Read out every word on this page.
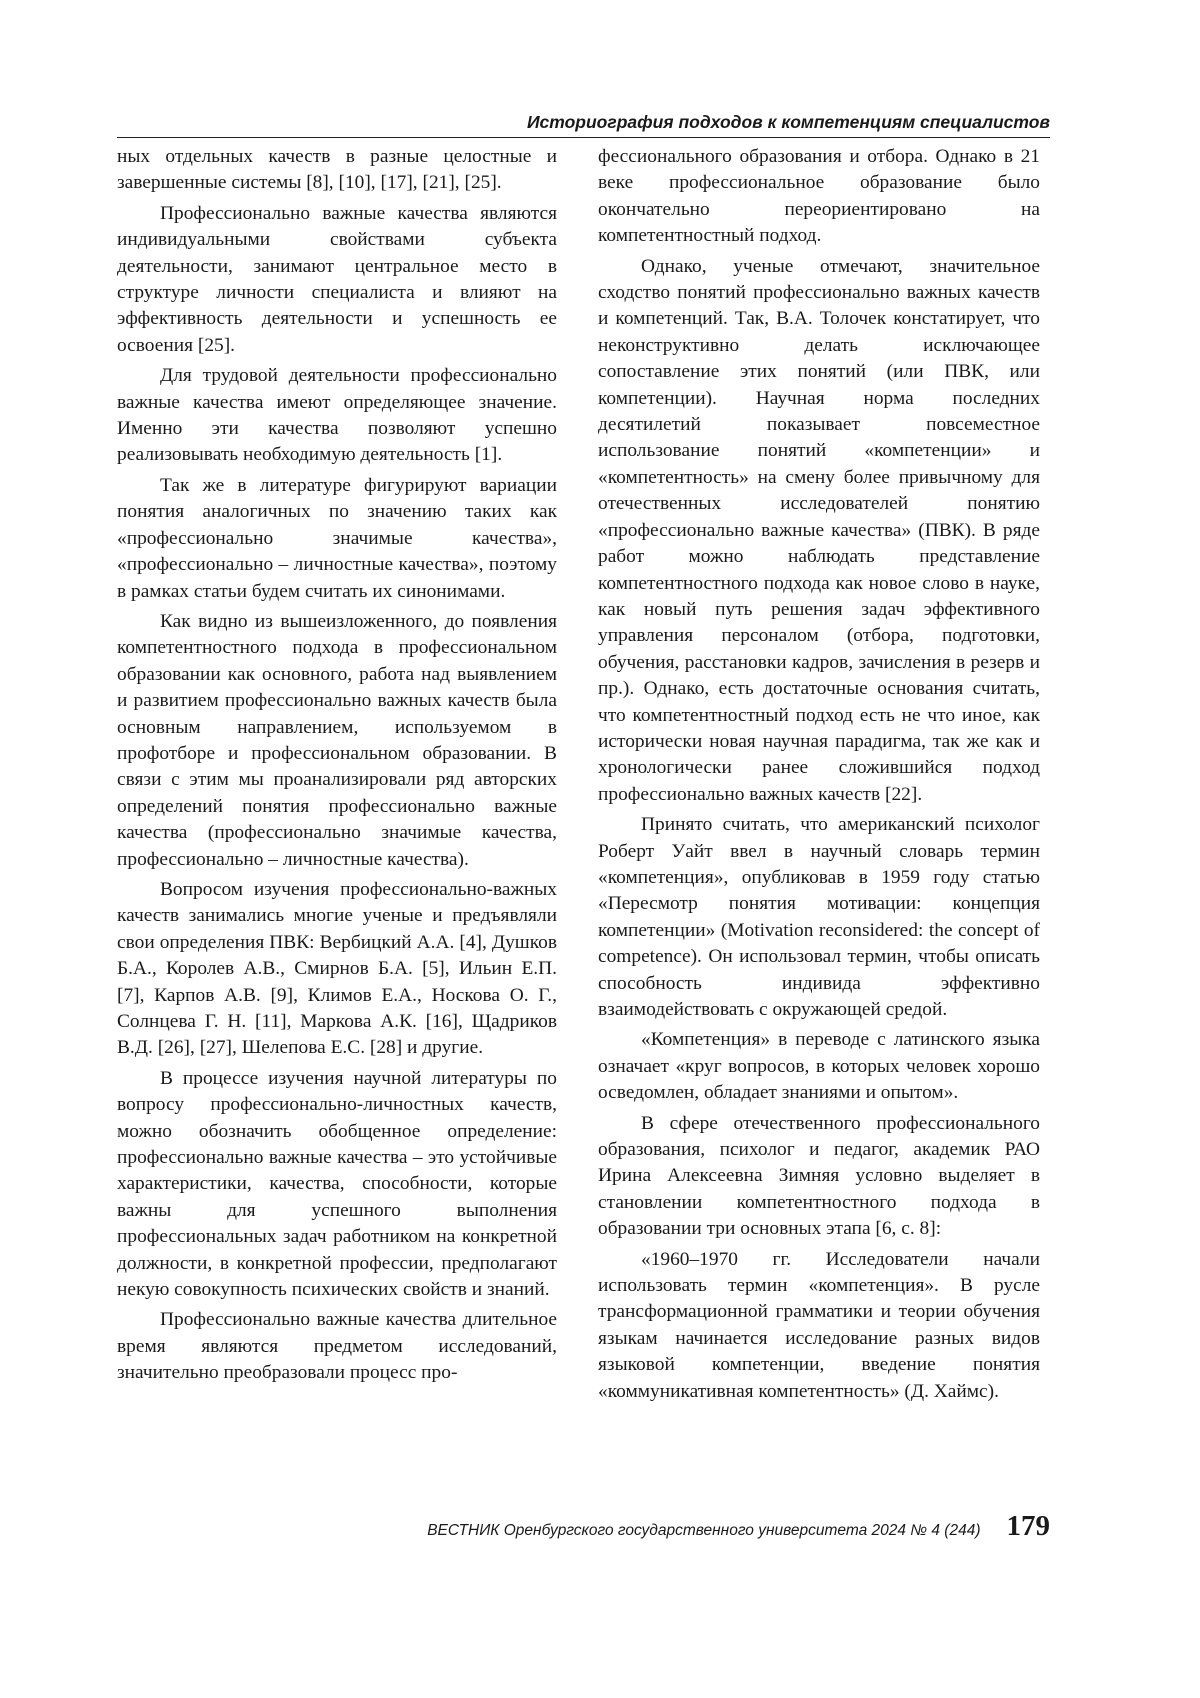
Историография подходов к компетенциям специалистов

ных отдельных качеств в разные целостные и завершенные системы [8], [10], [17], [21], [25].

Профессионально важные качества являются индивидуальными свойствами субъекта деятельности, занимают центральное место в структуре личности специалиста и влияют на эффективность деятельности и успешность ее освоения [25].

Для трудовой деятельности профессионально важные качества имеют определяющее значение. Именно эти качества позволяют успешно реализовывать необходимую деятельность [1].

Так же в литературе фигурируют вариации понятия аналогичных по значению таких как «профессионально значимые качества», «профессионально – личностные качества», поэтому в рамках статьи будем считать их синонимами.

Как видно из вышеизложенного, до появления компетентностного подхода в профессиональном образовании как основного, работа над выявлением и развитием профессионально важных качеств была основным направлением, используемом в профотборе и профессиональном образовании. В связи с этим мы проанализировали ряд авторских определений понятия профессионально важные качества (профессионально значимые качества, профессионально – личностные качества).

Вопросом изучения профессионально-важных качеств занимались многие ученые и предъявляли свои определения ПВК: Вербицкий А.А. [4], Душков Б.А., Королев А.В., Смирнов Б.А. [5], Ильин Е.П. [7], Карпов А.В. [9], Климов Е.А., Носкова О. Г., Солнцева Г. Н. [11], Маркова А.К. [16], Щадриков В.Д. [26], [27], Шелепова Е.С. [28] и другие.

В процессе изучения научной литературы по вопросу профессионально-личностных качеств, можно обозначить обобщенное определение: профессионально важные качества – это устойчивые характеристики, качества, способности, которые важны для успешного выполнения профессиональных задач работником на конкретной должности, в конкретной профессии, предполагают некую совокупность психических свойств и знаний.

Профессионально важные качества длительное время являются предметом исследований, значительно преобразовали процесс про-

фессионального образования и отбора. Однако в 21 веке профессиональное образование было окончательно переориентировано на компетентностный подход.

Однако, ученые отмечают, значительное сходство понятий профессионально важных качеств и компетенций. Так, В.А. Толочек констатирует, что неконструктивно делать исключающее сопоставление этих понятий (или ПВК, или компетенции). Научная норма последних десятилетий показывает повсеместное использование понятий «компетенции» и «компетентность» на смену более привычному для отечественных исследователей понятию «профессионально важные качества» (ПВК). В ряде работ можно наблюдать представление компетентностного подхода как новое слово в науке, как новый путь решения задач эффективного управления персоналом (отбора, подготовки, обучения, расстановки кадров, зачисления в резерв и пр.). Однако, есть достаточные основания считать, что компетентностный подход есть не что иное, как исторически новая научная парадигма, так же как и хронологически ранее сложившийся подход профессионально важных качеств [22].

Принято считать, что американский психолог Роберт Уайт ввел в научный словарь термин «компетенция», опубликовав в 1959 году статью «Пересмотр понятия мотивации: концепция компетенции» (Motivation reconsidered: the concept of competence). Он использовал термин, чтобы описать способность индивида эффективно взаимодействовать с окружающей средой.

«Компетенция» в переводе с латинского языка означает «круг вопросов, в которых человек хорошо осведомлен, обладает знаниями и опытом».

В сфере отечественного профессионального образования, психолог и педагог, академик РАО Ирина Алексеевна Зимняя условно выделяет в становлении компетентностного подхода в образовании три основных этапа [6, с. 8]:

«1960–1970 гг. Исследователи начали использовать термин «компетенция». В русле трансформационной грамматики и теории обучения языкам начинается исследование разных видов языковой компетенции, введение понятия «коммуникативная компетентность» (Д. Хаймс).

ВЕСТНИК Оренбургского государственного университета 2024 № 4 (244) 179
